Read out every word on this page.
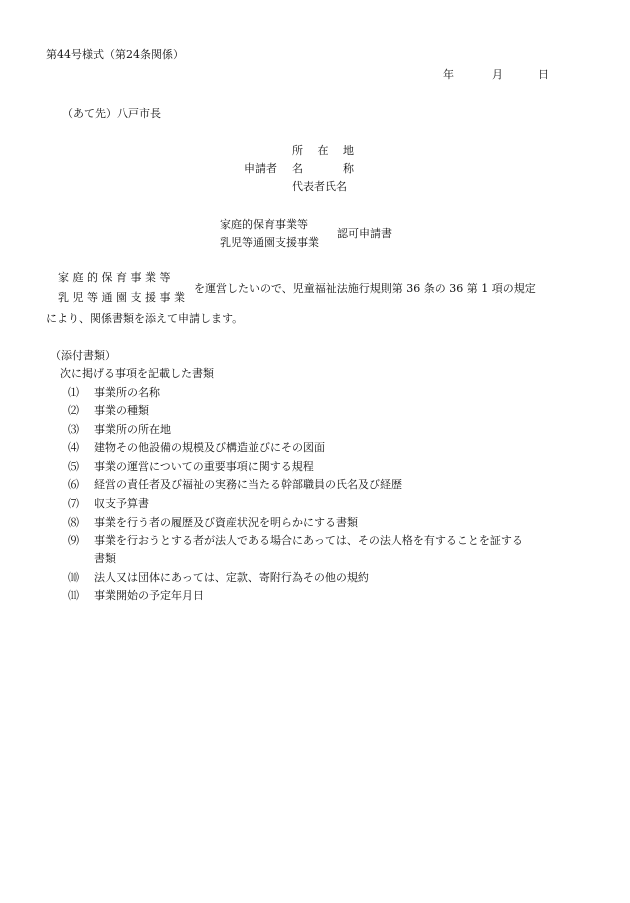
第44号様式（第24条関係）
年	月	日
（あて先）八戸市長
所 在 地
申請者 名　　　称
代表者氏名
家庭的保育事業等
乳児等通園支援事業
認可申請書
家 庭 的 保 育 事 業 等
乳 児 等 通 園 支 援 事 業
を運営したいので、児童福祉法施行規則第 36 条の 36 第 1 項の規定
により、関係書類を添えて申請します。
（添付書類）
次に掲げる事項を記載した書類
⑴ 事業所の名称
⑵ 事業の種類
⑶ 事業所の所在地
⑷ 建物その他設備の規模及び構造並びにその図面
⑸ 事業の運営についての重要事項に関する規程
⑹ 経営の責任者及び福祉の実務に当たる幹部職員の氏名及び経歴
⑺ 収支予算書
⑻ 事業を行う者の履歴及び資産状況を明らかにする書類
⑼ 事業を行おうとする者が法人である場合にあっては、その法人格を有することを証する
書類
⑽ 法人又は団体にあっては、定款、寄附行為その他の規約
⑾ 事業開始の予定年月日
